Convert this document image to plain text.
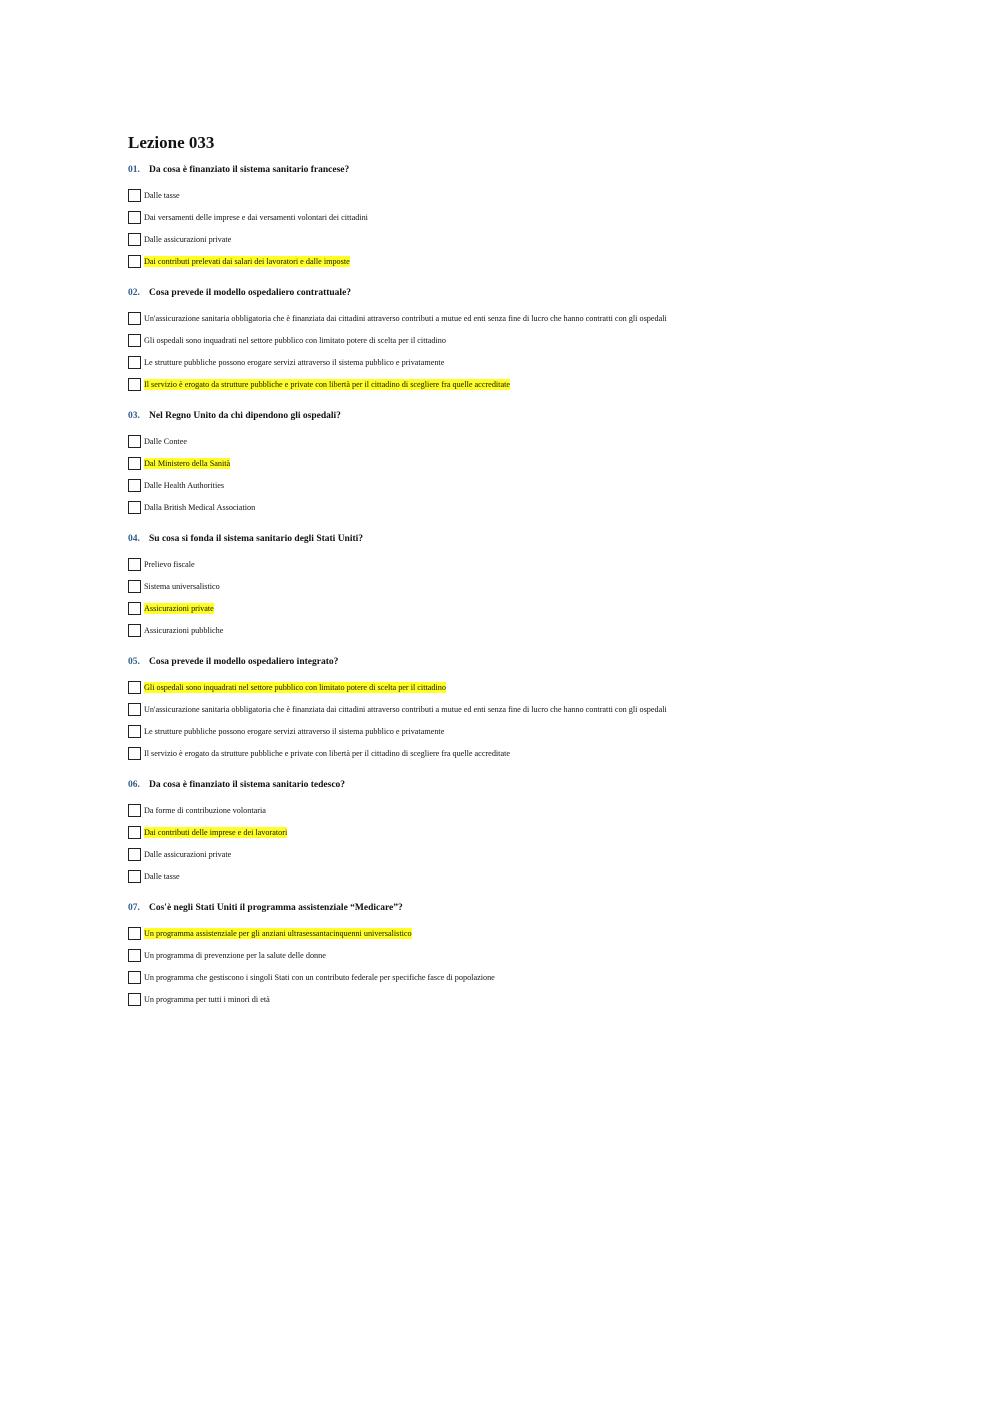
Lezione 033
01. Da cosa è finanziato il sistema sanitario francese?
Dalle tasse
Dai versamenti delle imprese e dai versamenti volontari dei cittadini
Dalle assicurazioni private
Dai contributi prelevati dai salari dei lavoratori e dalle imposte
02. Cosa prevede il modello ospedaliero contrattuale?
Un'assicurazione sanitaria obbligatoria che è finanziata dai cittadini attraverso contributi a mutue ed enti senza fine di lucro che hanno contratti con gli ospedali
Gli ospedali sono inquadrati nel settore pubblico con limitato potere di scelta per il cittadino
Le strutture pubbliche possono erogare servizi attraverso il sistema pubblico e privatamente
Il servizio è erogato da strutture pubbliche e private con libertà per il cittadino di scegliere fra quelle accreditate
03. Nel Regno Unito da chi dipendono gli ospedali?
Dalle Contee
Dal Ministero della Sanità
Dalle Health Authorities
Dalla British Medical Association
04. Su cosa si fonda il sistema sanitario degli Stati Uniti?
Prelievo fiscale
Sistema universalistico
Assicurazioni private
Assicurazioni pubbliche
05. Cosa prevede il modello ospedaliero integrato?
Gli ospedali sono inquadrati nel settore pubblico con limitato potere di scelta per il cittadino
Un'assicurazione sanitaria obbligatoria che è finanziata dai cittadini attraverso contributi a mutue ed enti senza fine di lucro che hanno contratti con gli ospedali
Le strutture pubbliche possono erogare servizi attraverso il sistema pubblico e privatamente
Il servizio è erogato da strutture pubbliche e private con libertà per il cittadino di scegliere fra quelle accreditate
06. Da cosa è finanziato il sistema sanitario tedesco?
Da forme di contribuzione volontaria
Dai contributi delle imprese e dei lavoratori
Dalle assicurazioni private
Dalle tasse
07. Cos'è negli Stati Uniti il programma assistenziale “Medicare”?
Un programma assistenziale per gli anziani ultrasessantacinquenni universalistico
Un programma di prevenzione per la salute delle donne
Un programma che gestiscono i singoli Stati con un contributo federale per specifiche fasce di popolazione
Un programma per tutti i minori di età
